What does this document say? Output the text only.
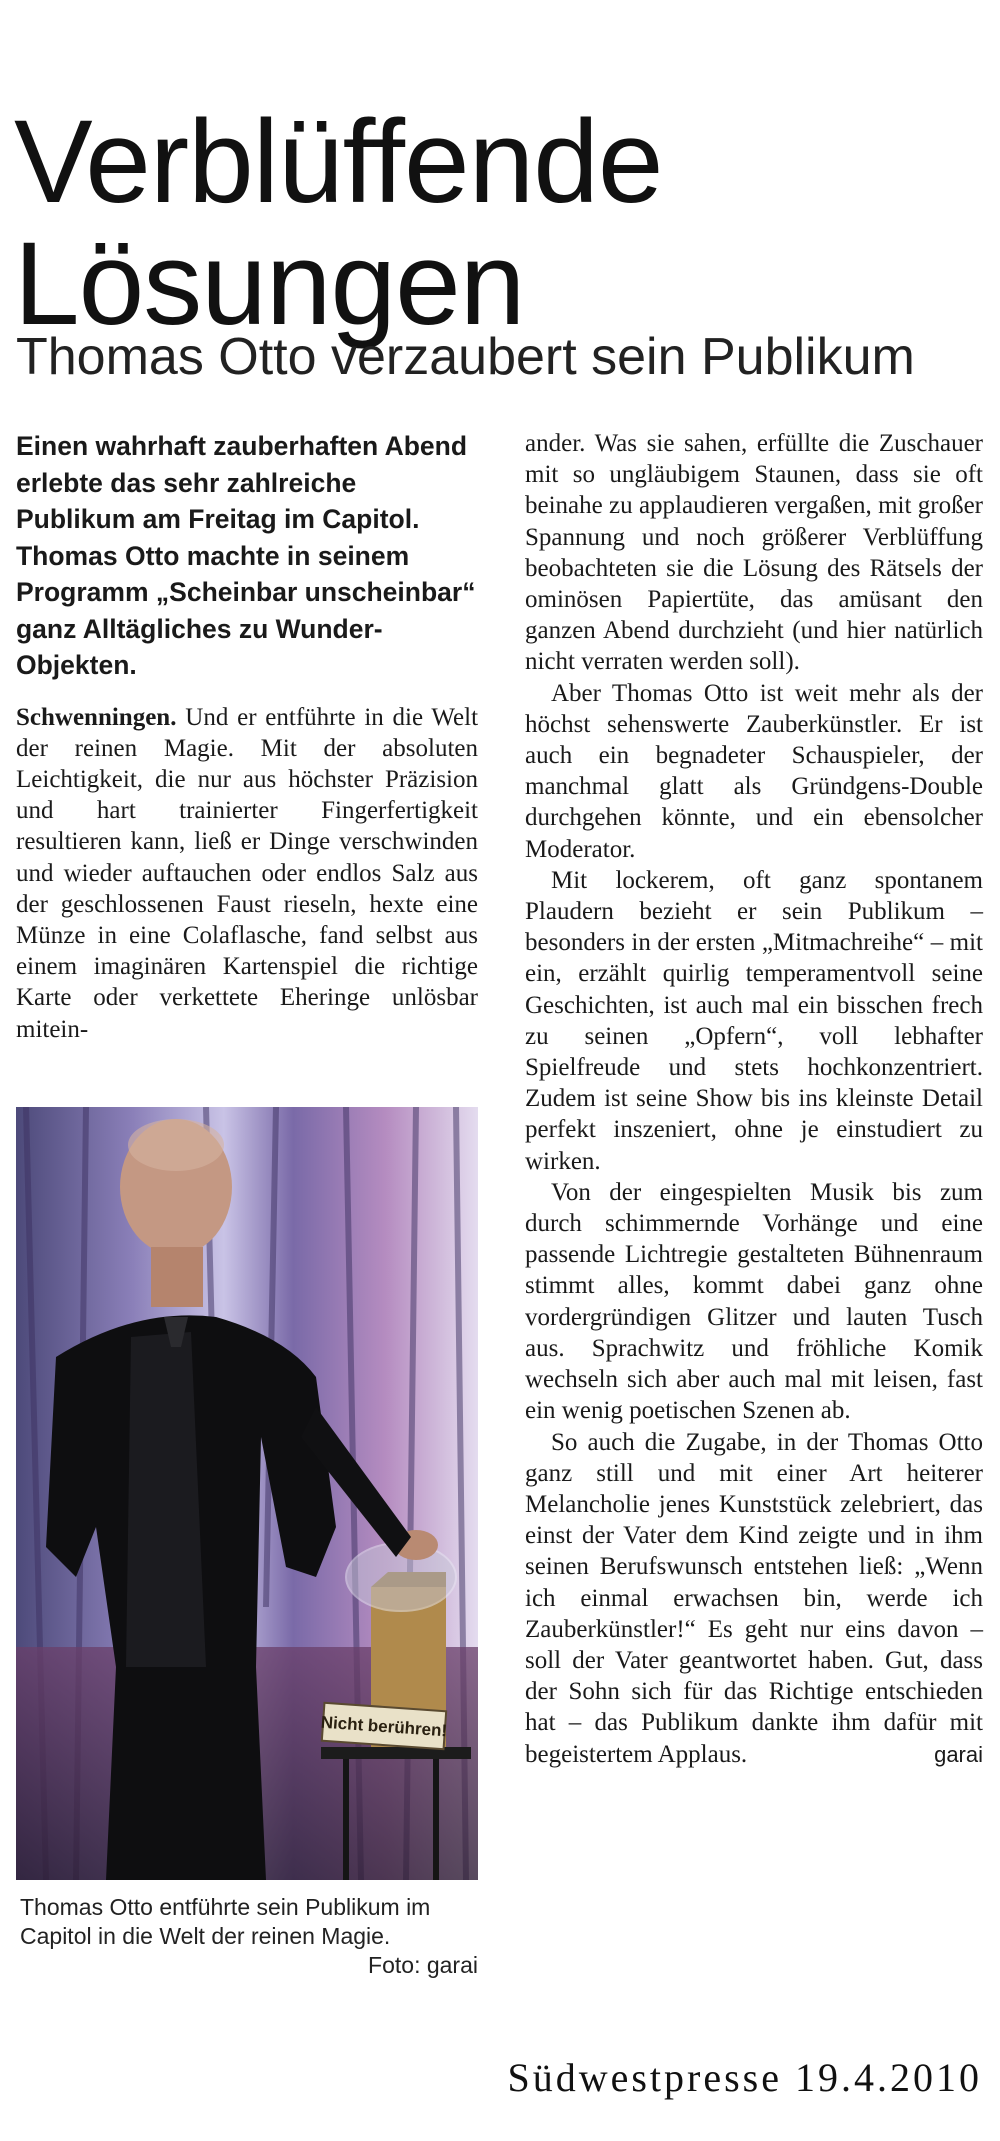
Verblüffende
Lösungen
Thomas Otto verzaubert sein Publikum

Einen wahrhaft zauberhaften Abend erlebte das sehr zahlreiche Publikum am Freitag im Capitol. Thomas Otto machte in seinem Programm „Scheinbar unscheinbar“ ganz Alltägliches zu Wunder-Objekten.

Schwenningen. Und er entführte in die Welt der reinen Magie. Mit der absoluten Leichtigkeit, die nur aus höchster Präzision und hart trainierter Fingerfertigkeit resultieren kann, ließ er Dinge verschwinden und wieder auftauchen oder endlos Salz aus der geschlossenen Faust rieseln, hexte eine Münze in eine Colaflasche, fand selbst aus einem imaginären Kartenspiel die richtige Karte oder verkettete Eheringe unlösbar mitein-

Nicht berühren!
Thomas Otto entführte sein Publikum im Capitol in die Welt der reinen Magie.
Foto: garai

ander. Was sie sahen, erfüllte die Zuschauer mit so ungläubigem Staunen, dass sie oft beinahe zu applaudieren vergaßen, mit großer Spannung und noch größerer Verblüffung beobachteten sie die Lösung des Rätsels der ominösen Papiertüte, das amüsant den ganzen Abend durchzieht (und hier natürlich nicht verraten werden soll).

Aber Thomas Otto ist weit mehr als der höchst sehenswerte Zauberkünstler. Er ist auch ein begnadeter Schauspieler, der manchmal glatt als Gründgens-Double durchgehen könnte, und ein ebensolcher Moderator.

Mit lockerem, oft ganz spontanem Plaudern bezieht er sein Publikum – besonders in der ersten „Mitmachreihe“ – mit ein, erzählt quirlig temperamentvoll seine Geschichten, ist auch mal ein bisschen frech zu seinen „Opfern“, voll lebhafter Spielfreude und stets hochkonzentriert. Zudem ist seine Show bis ins kleinste Detail perfekt inszeniert, ohne je einstudiert zu wirken.

Von der eingespielten Musik bis zum durch schimmernde Vorhänge und eine passende Lichtregie gestalteten Bühnenraum stimmt alles, kommt dabei ganz ohne vordergründigen Glitzer und lauten Tusch aus. Sprachwitz und fröhliche Komik wechseln sich aber auch mal mit leisen, fast ein wenig poetischen Szenen ab.

So auch die Zugabe, in der Thomas Otto ganz still und mit einer Art heiterer Melancholie jenes Kunststück zelebriert, das einst der Vater dem Kind zeigte und in ihm seinen Berufswunsch entstehen ließ: „Wenn ich einmal erwachsen bin, werde ich Zauberkünstler!“ Es geht nur eins davon – soll der Vater geantwortet haben. Gut, dass der Sohn sich für das Richtige entschieden hat – das Publikum dankte ihm dafür mit begeistertem Applaus.	garai

Südwestpresse 19.4.2010
